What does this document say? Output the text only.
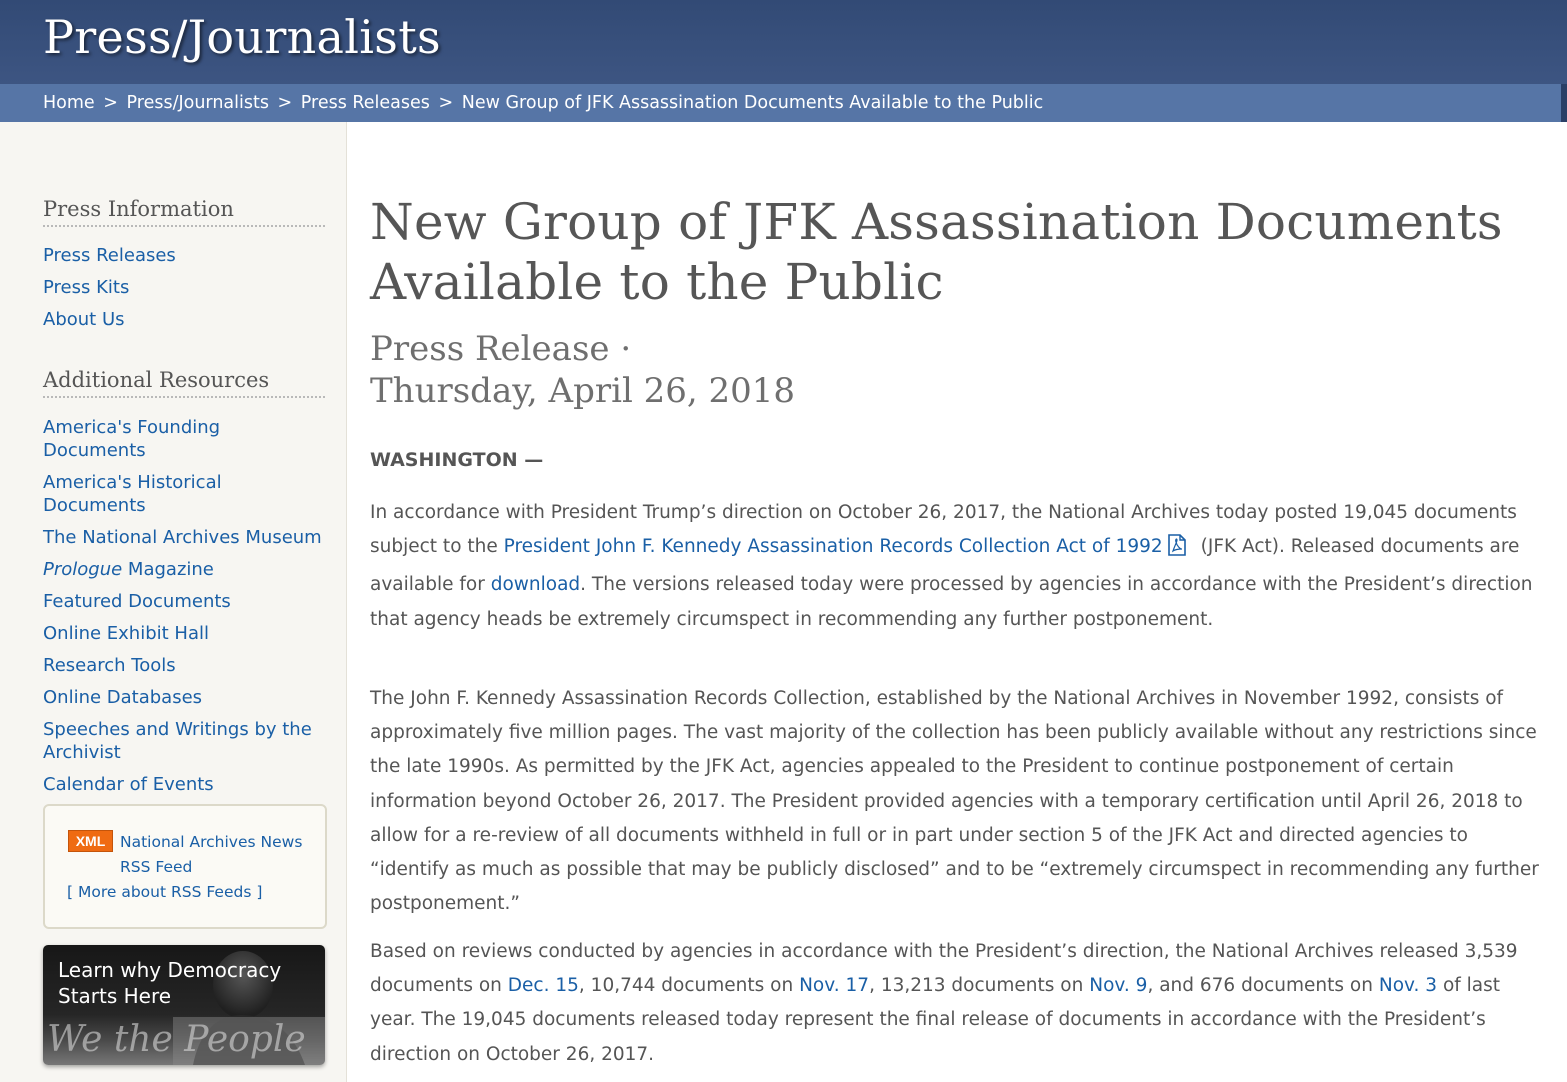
Press/Journalists
Home > Press/Journalists > Press Releases > New Group of JFK Assassination Documents Available to the Public
Press Information
Press Releases
Press Kits
About Us
Additional Resources
America's Founding Documents
America's Historical Documents
The National Archives Museum
Prologue Magazine
Featured Documents
Online Exhibit Hall
Research Tools
Online Databases
Speeches and Writings by the Archivist
Calendar of Events
XML National Archives News RSS Feed
[ More about RSS Feeds ]
Learn why Democracy Starts Here
We the People
New Group of JFK Assassination Documents Available to the Public
Press Release ·
Thursday, April 26, 2018
WASHINGTON —

In accordance with President Trump’s direction on October 26, 2017, the National Archives today posted 19,045 documents subject to the President John F. Kennedy Assassination Records Collection Act of 1992 (JFK Act). Released documents are available for download. The versions released today were processed by agencies in accordance with the President’s direction that agency heads be extremely circumspect in recommending any further postponement.

The John F. Kennedy Assassination Records Collection, established by the National Archives in November 1992, consists of approximately five million pages. The vast majority of the collection has been publicly available without any restrictions since the late 1990s. As permitted by the JFK Act, agencies appealed to the President to continue postponement of certain information beyond October 26, 2017. The President provided agencies with a temporary certification until April 26, 2018 to allow for a re-review of all documents withheld in full or in part under section 5 of the JFK Act and directed agencies to “identify as much as possible that may be publicly disclosed” and to be “extremely circumspect in recommending any further postponement.”

Based on reviews conducted by agencies in accordance with the President’s direction, the National Archives released 3,539 documents on Dec. 15, 10,744 documents on Nov. 17, 13,213 documents on Nov. 9, and 676 documents on Nov. 3 of last year. The 19,045 documents released today represent the final release of documents in accordance with the President’s direction on October 26, 2017.
